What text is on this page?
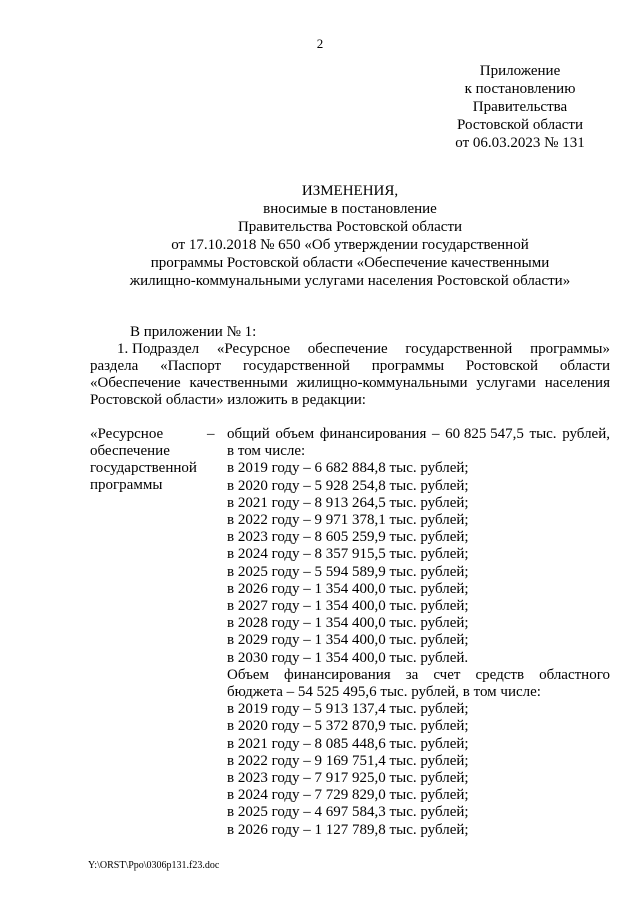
2
Приложение
к постановлению
Правительства
Ростовской области
от 06.03.2023 № 131
ИЗМЕНЕНИЯ,
вносимые в постановление
Правительства Ростовской области
от 17.10.2018 № 650 «Об утверждении государственной
программы Ростовской области «Обеспечение качественными
жилищно-коммунальными услугами населения Ростовской области»
В приложении № 1:
1. Подраздел «Ресурсное обеспечение государственной программы»
раздела «Паспорт государственной программы Ростовской области
«Обеспечение качественными жилищно-коммунальными услугами населения
Ростовской области» изложить в редакции:
«Ресурсное
обеспечение
государственной
программы
– общий объем финансирования – 60 825 547,5 тыс. рублей,
в том числе:
в 2019 году – 6 682 884,8 тыс. рублей;
в 2020 году – 5 928 254,8 тыс. рублей;
в 2021 году – 8 913 264,5 тыс. рублей;
в 2022 году – 9 971 378,1 тыс. рублей;
в 2023 году – 8 605 259,9 тыс. рублей;
в 2024 году – 8 357 915,5 тыс. рублей;
в 2025 году – 5 594 589,9 тыс. рублей;
в 2026 году – 1 354 400,0 тыс. рублей;
в 2027 году – 1 354 400,0 тыс. рублей;
в 2028 году – 1 354 400,0 тыс. рублей;
в 2029 году – 1 354 400,0 тыс. рублей;
в 2030 году – 1 354 400,0 тыс. рублей.
Объем финансирования за счет средств областного
бюджета – 54 525 495,6 тыс. рублей, в том числе:
в 2019 году – 5 913 137,4 тыс. рублей;
в 2020 году – 5 372 870,9 тыс. рублей;
в 2021 году – 8 085 448,6 тыс. рублей;
в 2022 году – 9 169 751,4 тыс. рублей;
в 2023 году – 7 917 925,0 тыс. рублей;
в 2024 году – 7 729 829,0 тыс. рублей;
в 2025 году – 4 697 584,3 тыс. рублей;
в 2026 году – 1 127 789,8 тыс. рублей;
Y:\ORST\Ppo\0306p131.f23.doc
